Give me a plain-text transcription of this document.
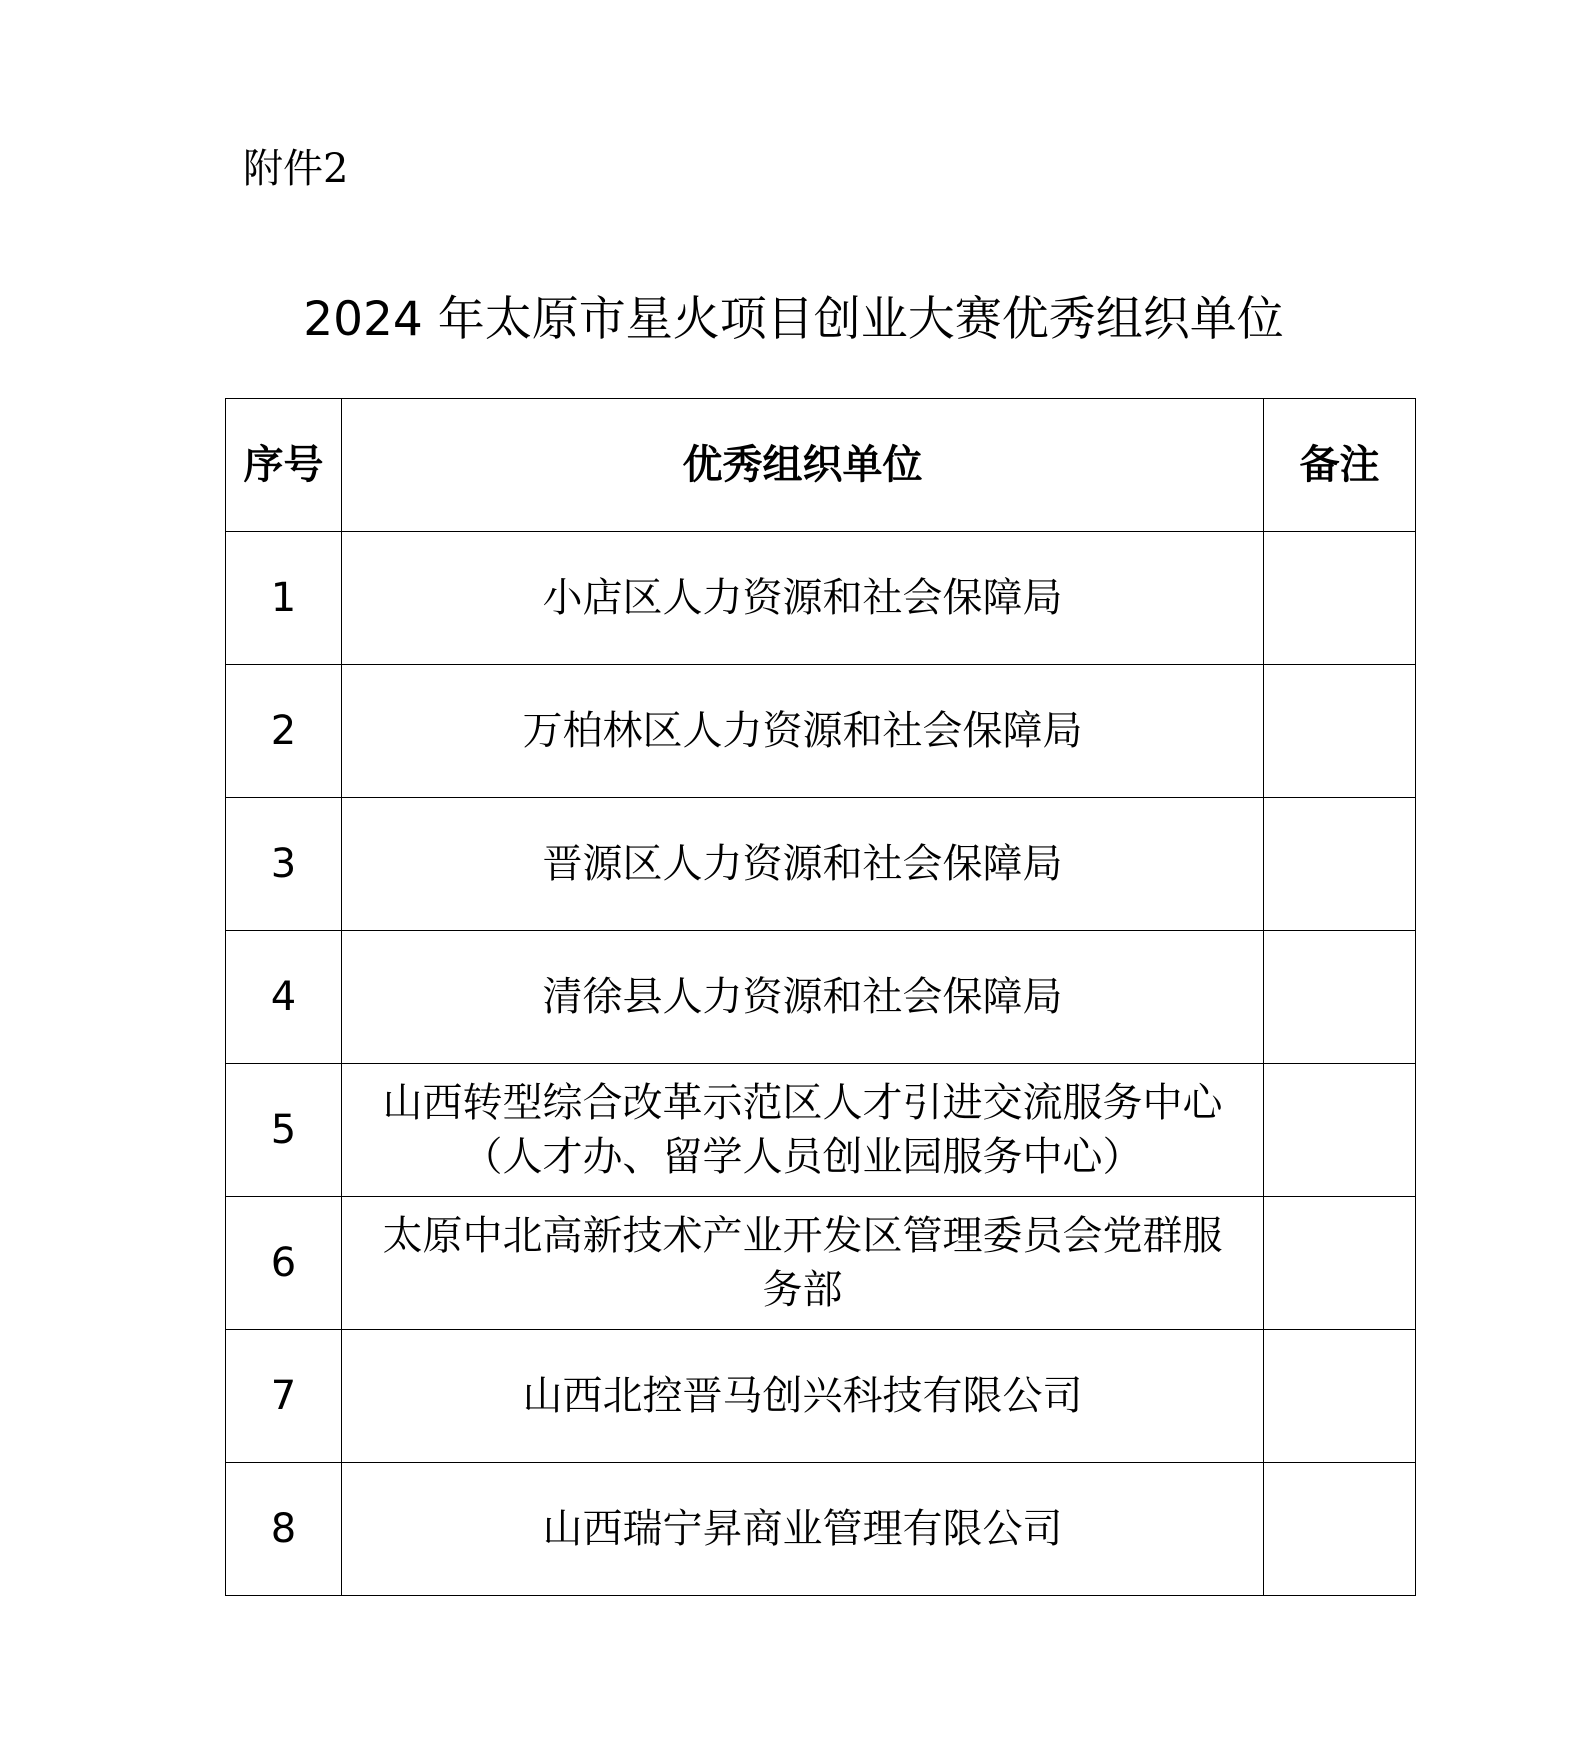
附件2
2024 年太原市星火项目创业大赛优秀组织单位
序号	优秀组织单位	备注
1	小店区人力资源和社会保障局	

2	万柏林区人力资源和社会保障局	

3	晋源区人力资源和社会保障局	

4	清徐县人力资源和社会保障局	

5	山西转型综合改革示范区人才引进交流服务中心
（人才办、留学人员创业园服务中心）	

6	太原中北高新技术产业开发区管理委员会党群服
务部	

7	山西北控晋马创兴科技有限公司	

8	山西瑞宁昇商业管理有限公司	
